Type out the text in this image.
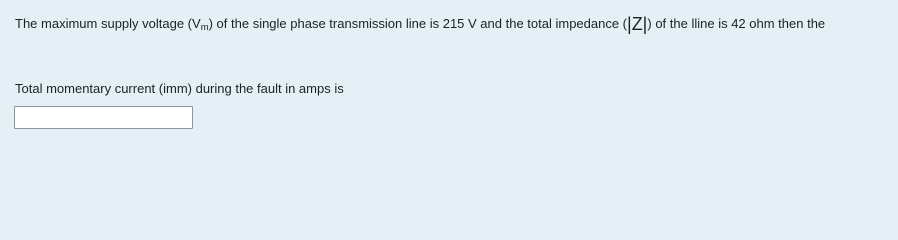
The maximum supply voltage $(V_m)$ of the single phase transmission line is 215 V and the total impedance (|Z|) of the lline is 42 ohm then the
Total momentary current (imm) during the fault in amps is
